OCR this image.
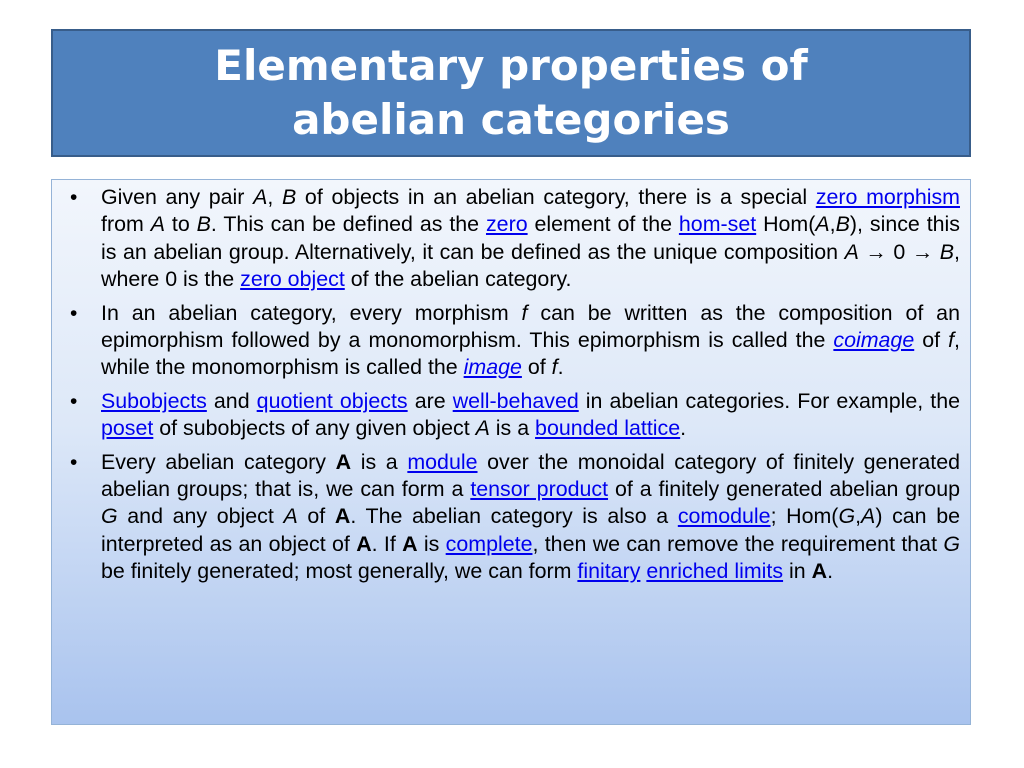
Elementary properties of
abelian categories
• Given any pair A, B of objects in an abelian category, there is a special zero morphism from A to B. This can be defined as the zero element of the hom-set Hom(A,B), since this is an abelian group. Alternatively, it can be defined as the unique composition A → 0 → B, where 0 is the zero object of the abelian category.
• In an abelian category, every morphism f can be written as the composition of an epimorphism followed by a monomorphism. This epimorphism is called the coimage of f, while the monomorphism is called the image of f.
• Subobjects and quotient objects are well-behaved in abelian categories. For example, the poset of subobjects of any given object A is a bounded lattice.
• Every abelian category A is a module over the monoidal category of finitely generated abelian groups; that is, we can form a tensor product of a finitely generated abelian group G and any object A of A. The abelian category is also a comodule; Hom(G,A) can be interpreted as an object of A. If A is complete, then we can remove the requirement that G be finitely generated; most generally, we can form finitary enriched limits in A.
